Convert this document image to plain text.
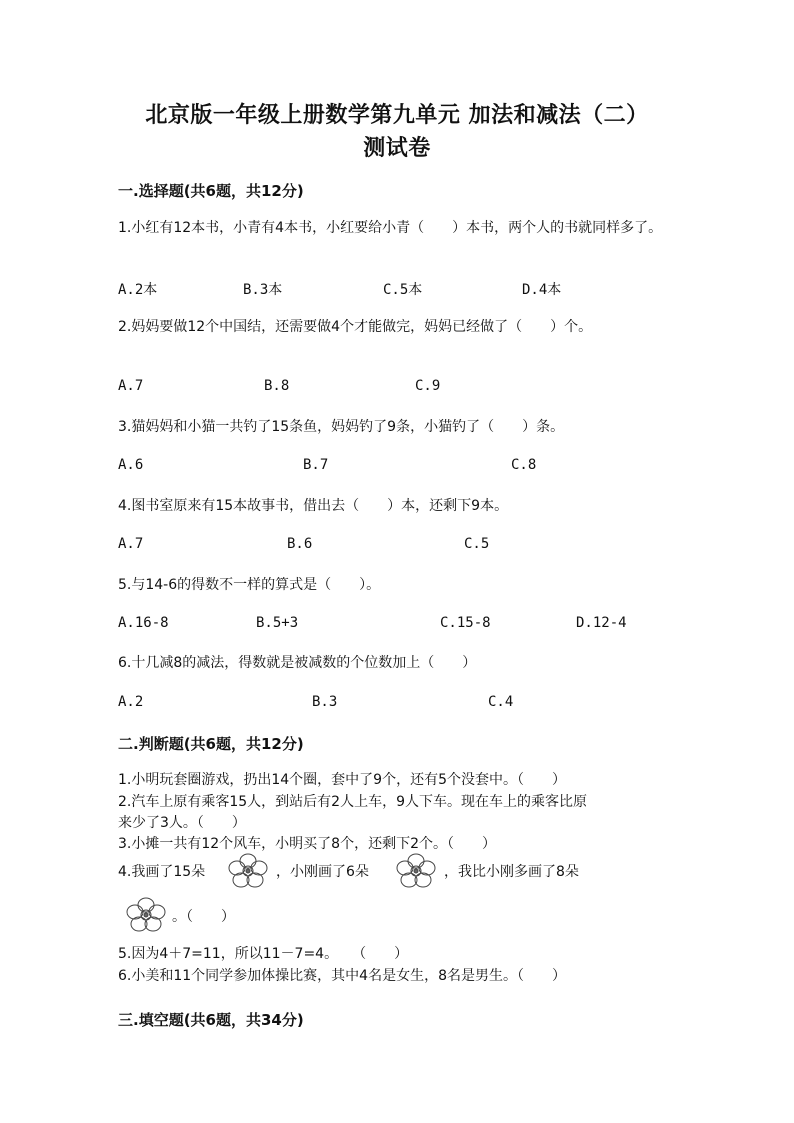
北京版一年级上册数学第九单元 加法和减法（二）
测试卷
一.选择题(共6题，共12分)
1.小红有12本书，小青有4本书，小红要给小青（　　）本书，两个人的书就同样多了。
A.2本	B.3本	C.5本	D.4本
2.妈妈要做12个中国结，还需要做4个才能做完，妈妈已经做了（　　）个。
A.7	B.8	C.9
3.猫妈妈和小猫一共钓了15条鱼，妈妈钓了9条，小猫钓了（　　）条。
A.6	B.7	C.8
4.图书室原来有15本故事书，借出去（　　）本，还剩下9本。
A.7	B.6	C.5
5.与14-6的得数不一样的算式是（　　）。
A.16-8	B.5+3	C.15-8	D.12-4
6.十几减8的减法，得数就是被减数的个位数加上（　　）
A.2	B.3	C.4
二.判断题(共6题，共12分)
1.小明玩套圈游戏，扔出14个圈，套中了9个，还有5个没套中。（　　）
2.汽车上原有乘客15人，到站后有2人上车，9人下车。现在车上的乘客比原
来少了3人。（　　）
3.小摊一共有12个风车，小明买了8个，还剩下2个。（　　）
4.我画了15朵	，小刚画了6朵	，我比小刚多画了8朵
。（　　）
5.因为4＋7=11，所以11－7=4。　　（　　）
6.小美和11个同学参加体操比赛，其中4名是女生，8名是男生。（　　）
三.填空题(共6题，共34分)
